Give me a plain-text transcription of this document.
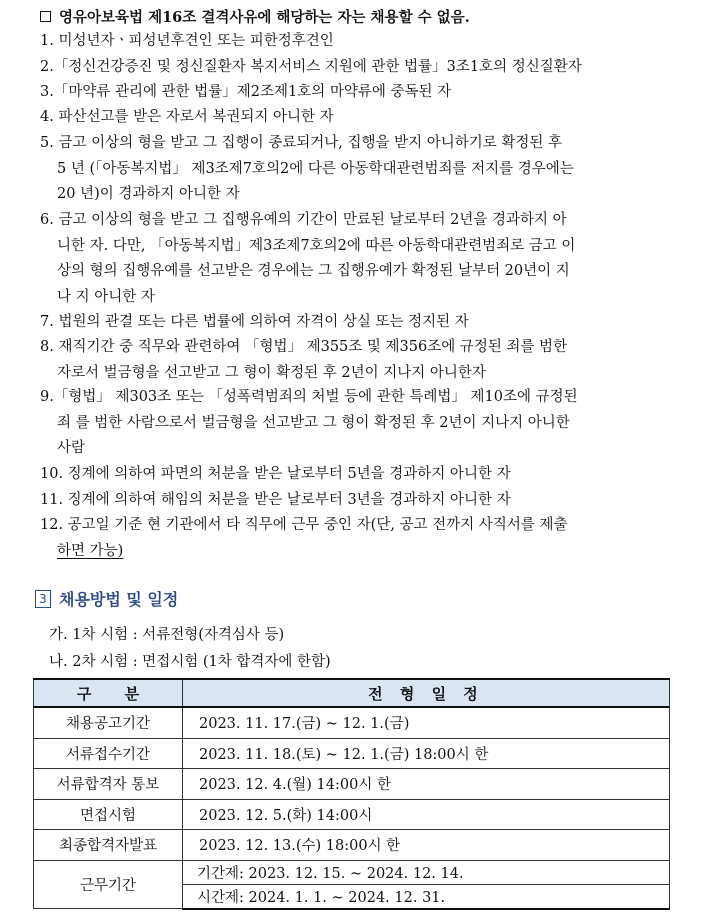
영유아보육법 제16조 결격사유에 해당하는 자는 채용할 수 없음.
1. 미성년자ㆍ피성년후견인 또는 피한정후견인
2.「정신건강증진 및 정신질환자 복지서비스 지원에 관한 법률」3조1호의 정신질환자
3.「마약류 관리에 관한 법률」제2조제1호의 마약류에 중독된 자
4. 파산선고를 받은 자로서 복권되지 아니한 자
5. 금고 이상의 형을 받고 그 집행이 종료되거나, 집행을 받지 아니하기로 확정된 후
5 년 (「아동복지법」 제3조제7호의2에 다른 아동학대관련범죄를 저지를 경우에는
20 년)이 경과하지 아니한 자
6. 금고 이상의 형을 받고 그 집행유예의 기간이 만료된 날로부터 2년을 경과하지 아
니한 자. 다만, 「아동복지법」제3조제7호의2에 따른 아동학대관련범죄로 금고 이
상의 형의 집행유예를 선고받은 경우에는 그 집행유예가 확정된 날부터 20년이 지
나 지 아니한 자
7. 법원의 관결 또는 다른 법률에 의하여 자격이 상실 또는 정지된 자
8. 재직기간 중 직무와 관련하여 「형법」 제355조 및 제356조에 규정된 죄를 범한
자로서 벌금형을 선고받고 그 형이 확정된 후 2년이 지나지 아니한자
9.「형법」 제303조 또는 「성폭력범죄의 처벌 등에 관한 특례법」 제10조에 규정된
죄 를 범한 사람으로서 벌금형을 선고받고 그 형이 확정된 후 2년이 지나지 아니한
사람
10. 징계에 의하여 파면의 처분을 받은 날로부터 5년을 경과하지 아니한 자
11. 징계에 의하여 해임의 처분을 받은 날로부터 3년을 경과하지 아니한 자
12. 공고일 기준 현 기관에서 타 직무에 근무 중인 자(단, 공고 전까지 사직서를 제출
하면 가능)
3 채용방법 및 일정
가. 1차 시험 : 서류전형(자격심사 등)
나. 2차 시험 : 면접시험 (1차 합격자에 한함)
구 분	전 형 일 정
채용공고기간	2023. 11. 17.(금) ~ 12. 1.(금)
서류접수기간	2023. 11. 18.(토) ~ 12. 1.(금) 18:00시 한
서류합격자 통보	2023. 12. 4.(월) 14:00시 한
면접시험	2023. 12. 5.(화) 14:00시
최종합격자발표	2023. 12. 13.(수) 18:00시 한
근무기간	기간제: 2023. 12. 15. ~ 2024. 12. 14.
	시간제: 2024. 1. 1. ~ 2024. 12. 31.
